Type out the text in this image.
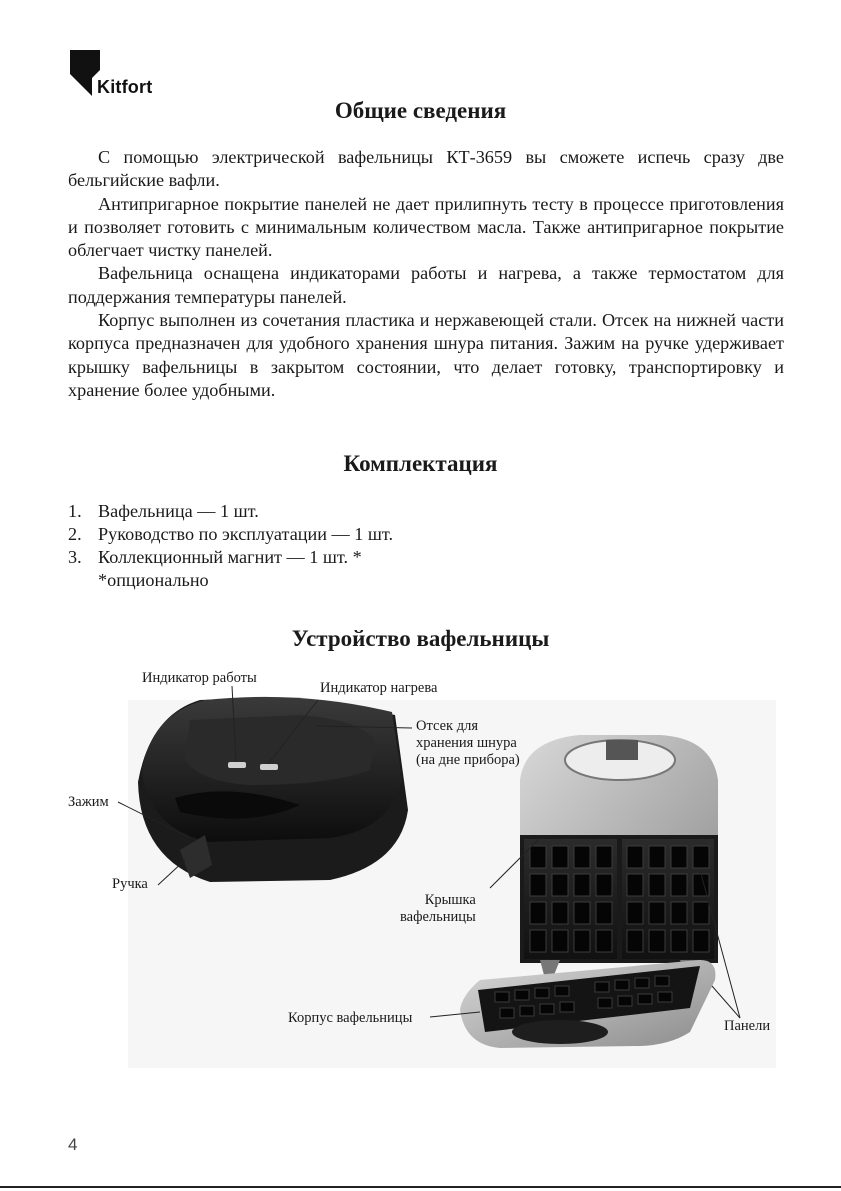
Kitfort
Общие сведения

С помощью электрической вафельницы КТ-3659 вы сможете испечь сразу две бельгийские вафли.

Антипригарное покрытие панелей не дает прилипнуть тесту в процессе приготовления и позволяет готовить с минимальным количеством масла. Также антипригарное покрытие облегчает чистку панелей.

Вафельница оснащена индикаторами работы и нагрева, а также термостатом для поддержания температуры панелей.

Корпус выполнен из сочетания пластика и нержавеющей стали. Отсек на нижней части корпуса предназначен для удобного хранения шнура питания. Зажим на ручке удерживает крышку вафельницы в закрытом состоянии, что делает готовку, транспортировку и хранение более удобными.

Комплектация
1. Вафельница — 1 шт.
2. Руководство по эксплуатации — 1 шт.
3. Коллекционный магнит — 1 шт. *
*опционально
Устройство вафельницы
Индикатор работы
Индикатор нагрева
Отсек для
хранения шнура
(на дне прибора)
Зажим
Ручка
Крышка
вафельницы
Корпус вафельницы	Панели
4
